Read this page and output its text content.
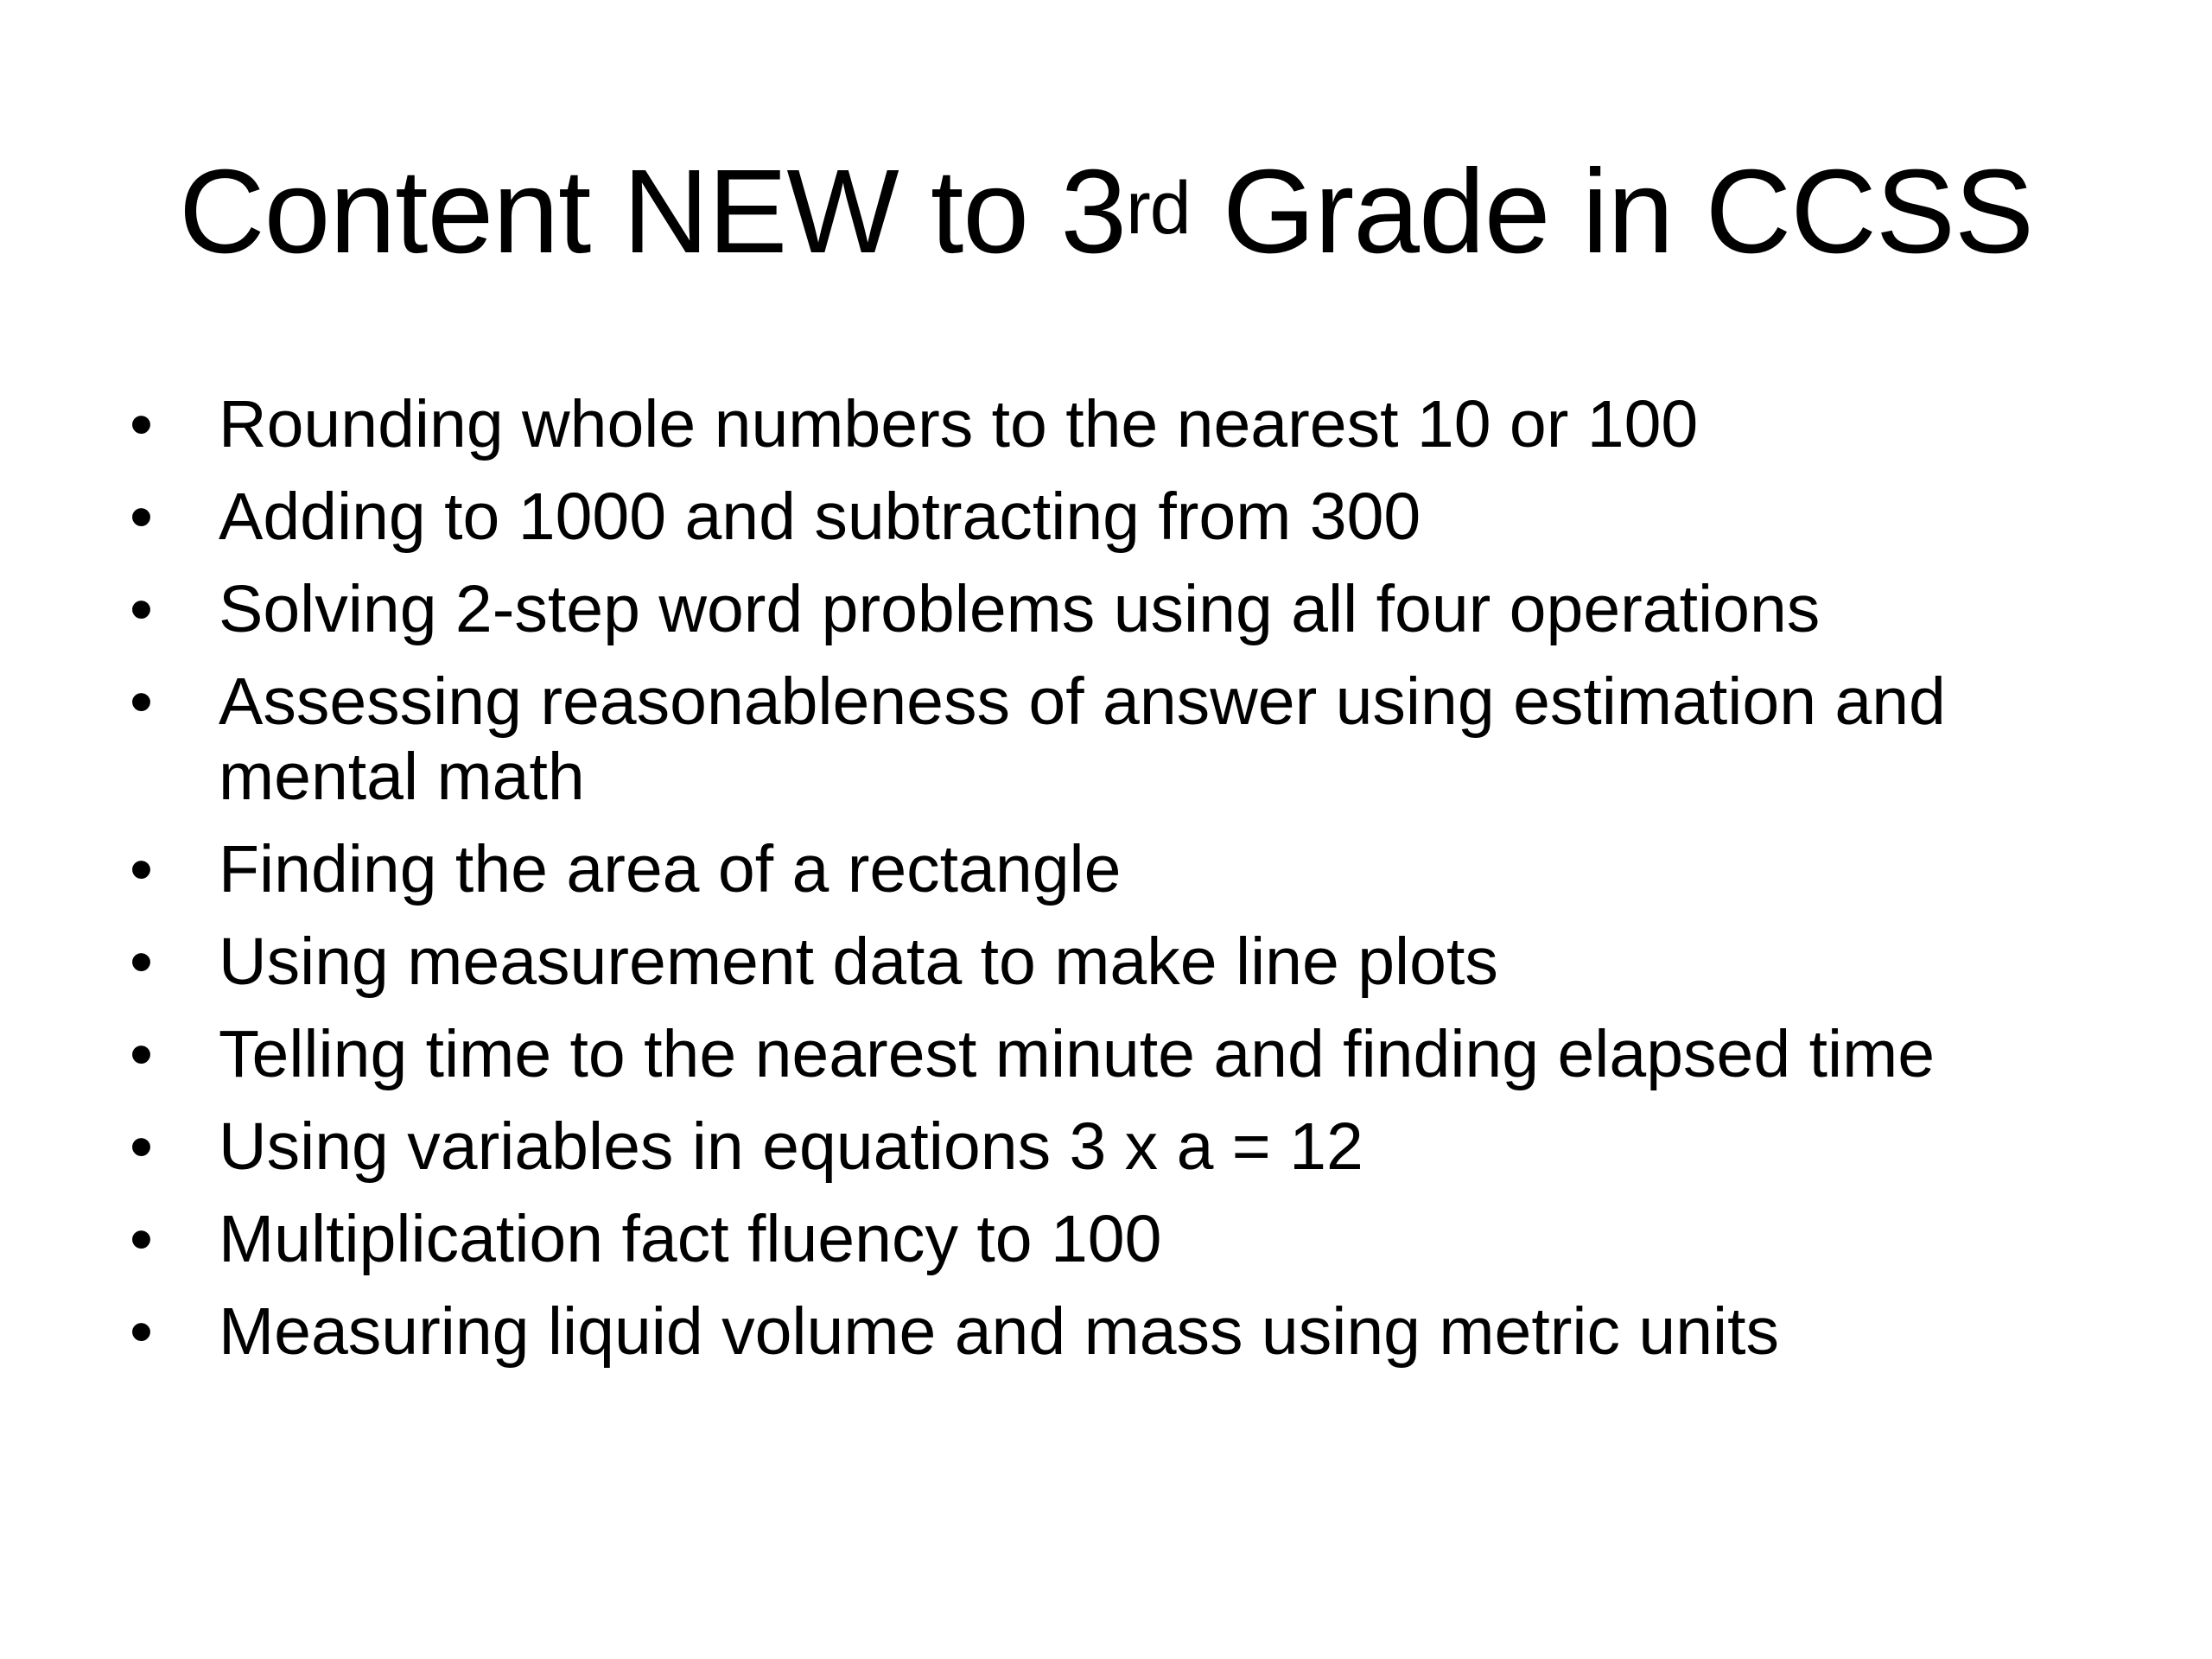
Content NEW to 3rd Grade in CCSS
• Rounding whole numbers to the nearest 10 or 100
• Adding to 1000 and subtracting from 300
• Solving 2-step word problems using all four operations
• Assessing reasonableness of answer using estimation and mental math
• Finding the area of a rectangle
• Using measurement data to make line plots
• Telling time to the nearest minute and finding elapsed time
• Using variables in equations 3 x a = 12
• Multiplication fact fluency to 100
• Measuring liquid volume and mass using metric units
